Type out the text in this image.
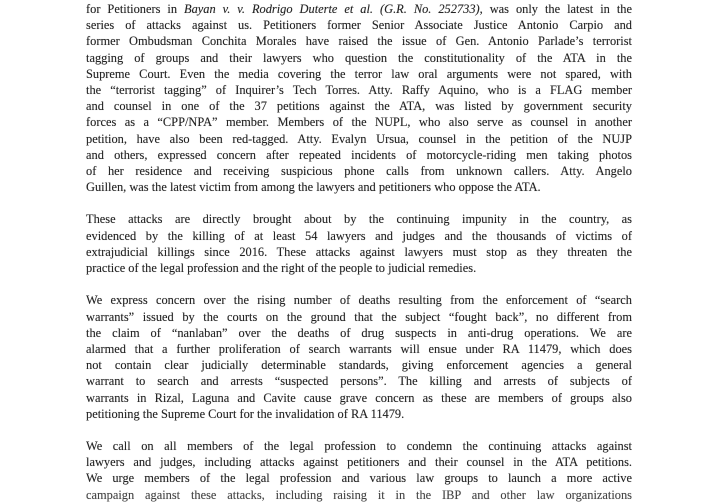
for Petitioners in Bayan v. v. Rodrigo Duterte et al. (G.R. No. 252733), was only the latest in the
series of attacks against us. Petitioners former Senior Associate Justice Antonio Carpio and
former Ombudsman Conchita Morales have raised the issue of Gen. Antonio Parlade’s terrorist
tagging of groups and their lawyers who question the constitutionality of the ATA in the
Supreme Court. Even the media covering the terror law oral arguments were not spared, with
the “terrorist tagging” of Inquirer’s Tech Torres. Atty. Raffy Aquino, who is a FLAG member
and counsel in one of the 37 petitions against the ATA, was listed by government security
forces as a “CPP/NPA” member. Members of the NUPL, who also serve as counsel in another
petition, have also been red-tagged. Atty. Evalyn Ursua, counsel in the petition of the NUJP
and others, expressed concern after repeated incidents of motorcycle-riding men taking photos
of her residence and receiving suspicious phone calls from unknown callers. Atty. Angelo
Guillen, was the latest victim from among the lawyers and petitioners who oppose the ATA.
These attacks are directly brought about by the continuing impunity in the country, as
evidenced by the killing of at least 54 lawyers and judges and the thousands of victims of
extrajudicial killings since 2016. These attacks against lawyers must stop as they threaten the
practice of the legal profession and the right of the people to judicial remedies.
We express concern over the rising number of deaths resulting from the enforcement of “search
warrants” issued by the courts on the ground that the subject “fought back”, no different from
the claim of “nanlaban” over the deaths of drug suspects in anti-drug operations. We are
alarmed that a further proliferation of search warrants will ensue under RA 11479, which does
not contain clear judicially determinable standards, giving enforcement agencies a general
warrant to search and arrests “suspected persons”. The killing and arrests of subjects of
warrants in Rizal, Laguna and Cavite cause grave concern as these are members of groups also
petitioning the Supreme Court for the invalidation of RA 11479.
We call on all members of the legal profession to condemn the continuing attacks against
lawyers and judges, including attacks against petitioners and their counsel in the ATA petitions.
We urge members of the legal profession and various law groups to launch a more active
campaign against these attacks, including raising it in the IBP and other law organizations
